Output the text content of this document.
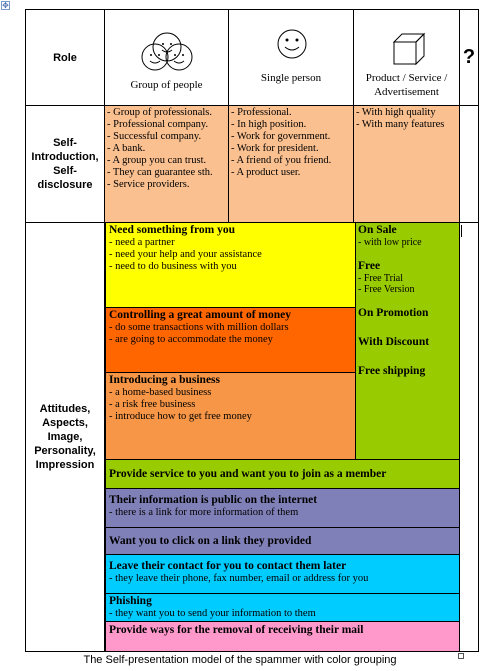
✥
Role
Group of people
Single person	Product / Service / Advertisement
?
Self-Introduction, Self-disclosure
- Group of professionals.
- Professional company.
- Successful company.
- A bank.
- A group you can trust.
- They can guarantee sth.
- Service providers.
- Professional.
- In high position.
- Work for government.
- Work for president.
- A friend of you friend.
- A product user.
- With high quality
- With many features
Attitudes, Aspects, Image, Personality, Impression
Need something from you
- need a partner
- need your help and your assistance
- need to do business with you
Controlling a great amount of money
- do some transactions with million dollars
- are going to accommodate the money
Introducing a business
- a home-based business
- a risk free business
- introduce how to get free money
On Sale
- with low price
Free
- Free Trial
- Free Version
On Promotion
With Discount
Free shipping
Provide service to you and want you to join as a member
Their information is public on the internet
- there is a link for more information of them
Want you to click on a link they provided
Leave their contact for you to contact them later
- they leave their phone, fax number, email or address for you
Phishing
- they want you to send your information to them
Provide ways for the removal of receiving their mail
The Self-presentation model of the spammer with color grouping
